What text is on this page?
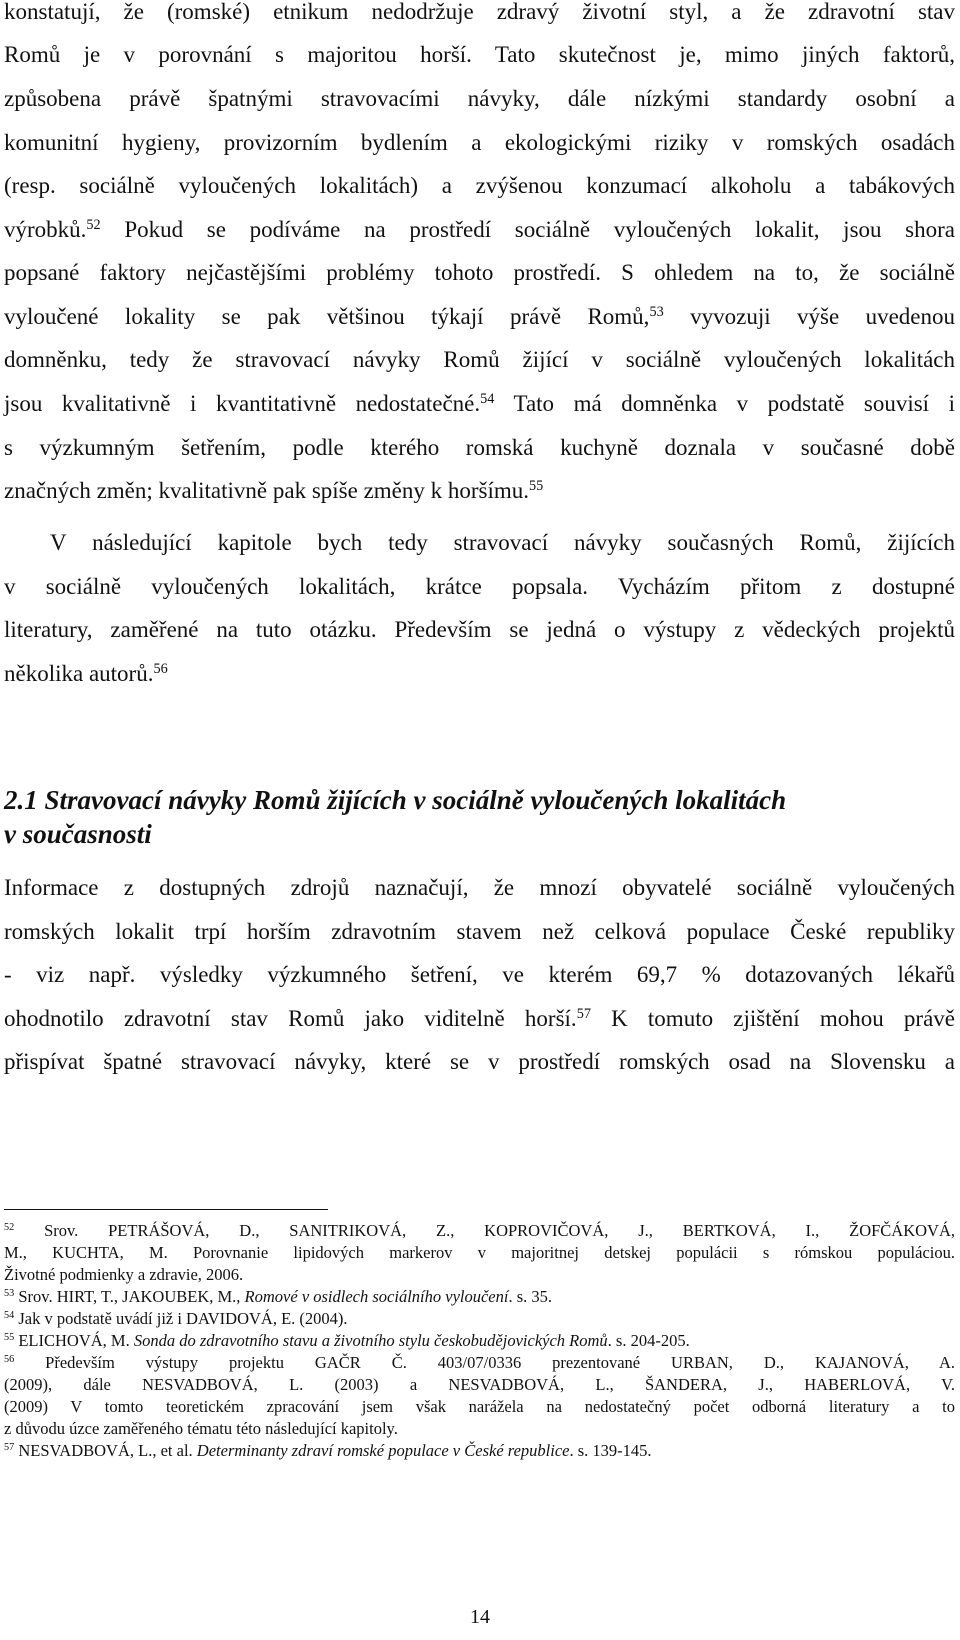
konstatují, že (romské) etnikum nedodržuje zdravý životní styl, a že zdravotní stav
Romů je v porovnání s majoritou horší. Tato skutečnost je, mimo jiných faktorů,
způsobena právě špatnými stravovacími návyky, dále nízkými standardy osobní a
komunitní hygieny, provizorním bydlením a ekologickými riziky v romských osadách
(resp. sociálně vyloučených lokalitách) a zvýšenou konzumací alkoholu a tabákových
výrobků.$^{52}$ Pokud se podíváme na prostředí sociálně vyloučených lokalit, jsou shora
popsané faktory nejčastějšími problémy tohoto prostředí. S ohledem na to, že sociálně
vyloučené lokality se pak většinou týkají právě Romů,$^{53}$ vyvozuji výše uvedenou
domněnku, tedy že stravovací návyky Romů žijící v sociálně vyloučených lokalitách
jsou kvalitativně i kvantitativně nedostatečné.$^{54}$ Tato má domněnka v podstatě souvisí i
s výzkumným šetřením, podle kterého romská kuchyně doznala v současné době
značných změn; kvalitativně pak spíše změny k horšímu.$^{55}$
V následující kapitole bych tedy stravovací návyky současných Romů, žijících
v sociálně vyloučených lokalitách, krátce popsala. Vycházím přitom z dostupné
literatury, zaměřené na tuto otázku. Především se jedná o výstupy z vědeckých projektů
několika autorů.$^{56}$
2.1 Stravovací návyky Romů žijících v sociálně vyloučených lokalitách
v současnosti
Informace z dostupných zdrojů naznačují, že mnozí obyvatelé sociálně vyloučených
romských lokalit trpí horším zdravotním stavem než celková populace České republiky
- viz např. výsledky výzkumného šetření, ve kterém 69,7 % dotazovaných lékařů
ohodnotilo zdravotní stav Romů jako viditelně horší.$^{57}$ K tomuto zjištění mohou právě
přispívat špatné stravovací návyky, které se v prostředí romských osad na Slovensku a
$^{52}$ Srov. PETRÁŠOVÁ, D., SANITRIKOVÁ, Z., KOPROVIČOVÁ, J., BERTKOVÁ, I., ŽOFČÁKOVÁ,
M., KUCHTA, M. Porovnanie lipidových markerov v majoritnej detskej populácii s rómskou populáciou.
Životné podmienky a zdravie, 2006.
$^{53}$ Srov. HIRT, T., JAKOUBEK, M., Romové v osidlech sociálního vyloučení. s. 35.
$^{54}$ Jak v podstatě uvádí již i DAVIDOVÁ, E. (2004).
$^{55}$ ELICHOVÁ, M. Sonda do zdravotního stavu a životního stylu českobudějovických Romů. s. 204-205.
$^{56}$ Především výstupy projektu GAČR Č. 403/07/0336 prezentované URBAN, D., KAJANOVÁ, A.
(2009), dále NESVADBOVÁ, L. (2003) a NESVADBOVÁ, L., ŠANDERA, J., HABERLOVÁ, V.
(2009) V tomto teoretickém zpracování jsem však narážela na nedostatečný počet odborná literatury a to
z důvodu úzce zaměřeného tématu této následující kapitoly.
$^{57}$ NESVADBOVÁ, L., et al. Determinanty zdraví romské populace v České republice. s. 139-145.
14
